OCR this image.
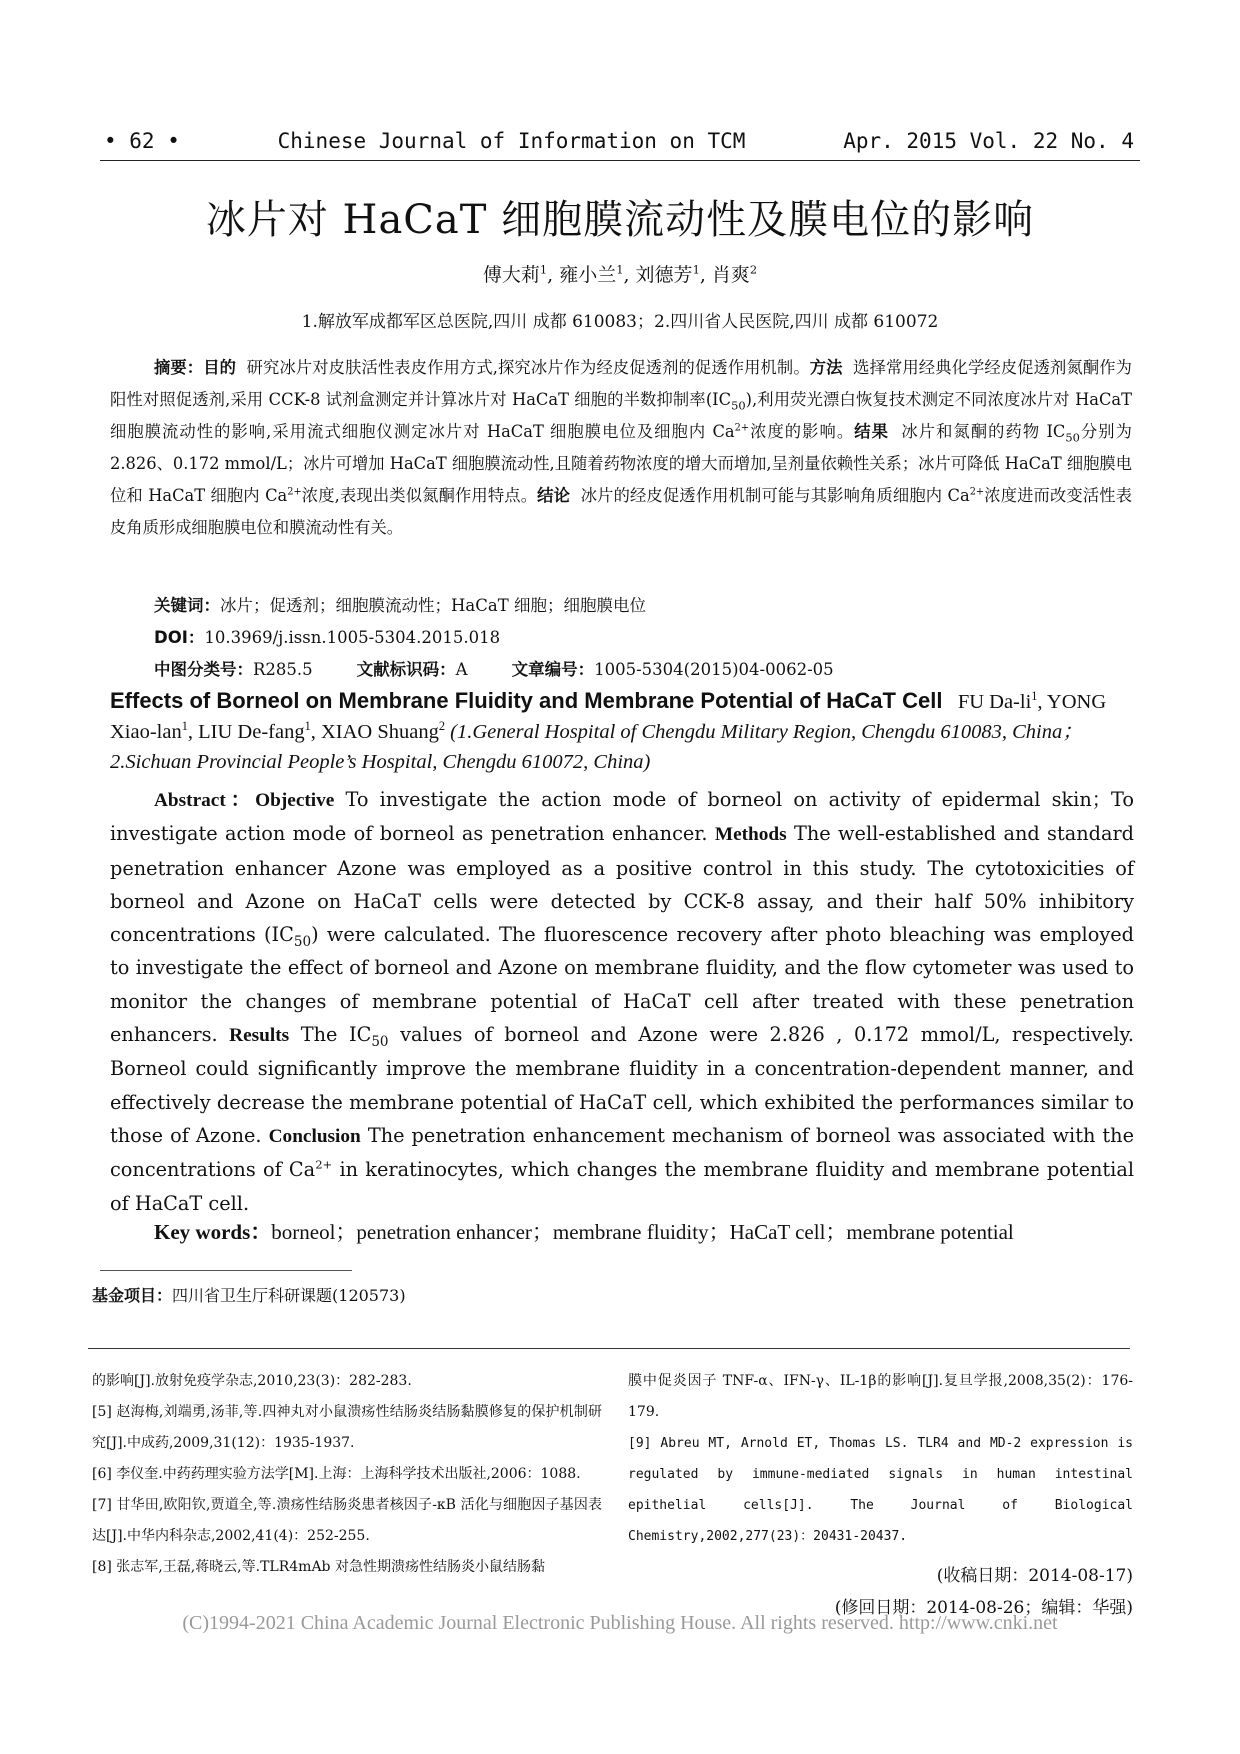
• 62 •	Chinese Journal of Information on TCM	Apr. 2015 Vol. 22 No. 4
冰片对 HaCaT 细胞膜流动性及膜电位的影响
傅大莉$^1$, 雍小兰$^1$, 刘德芳$^1$, 肖爽$^2$
1.解放军成都军区总医院,四川 成都 610083；2.四川省人民医院,四川 成都 610072
摘要：目的 研究冰片对皮肤活性表皮作用方式,探究冰片作为经皮促透剂的促透作用机制。方法 选择常用经典化学经皮促透剂氮酮作为阳性对照促透剂,采用 CCK-8 试剂盒测定并计算冰片对 HaCaT 细胞的半数抑制率$(IC_{50})$,利用荧光漂白恢复技术测定不同浓度冰片对 HaCaT 细胞膜流动性的影响,采用流式细胞仪测定冰片对 HaCaT 细胞膜电位及细胞内 $Ca^{2+}$浓度的影响。结果 冰片和氮酮的药物 $IC_{50}$分别为 2.826、0.172 mmol/L；冰片可增加 HaCaT 细胞膜流动性,且随着药物浓度的增大而增加,呈剂量依赖性关系；冰片可降低 HaCaT 细胞膜电位和 HaCaT 细胞内 $Ca^{2+}$浓度,表现出类似氮酮作用特点。结论 冰片的经皮促透作用机制可能与其影响角质细胞内 $Ca^{2+}$浓度进而改变活性表皮角质形成细胞膜电位和膜流动性有关。
关键词：冰片；促透剂；细胞膜流动性；HaCaT 细胞；细胞膜电位
DOI：10.3969/j.issn.1005-5304.2015.018
中图分类号：R285.5	文献标识码：A	文章编号：1005-5304(2015)04-0062-05
Effects of Borneol on Membrane Fluidity and Membrane Potential of HaCaT Cell FU $Da-li^1$, YONG Xiao-lan$^1$, LIU De-fang$^1$, XIAO Shuang$^2$ (1.General Hospital of Chengdu Military Region, Chengdu 610083, China；2.Sichuan Provincial People’s Hospital, Chengdu 610072, China)
Abstract：Objective To investigate the action mode of borneol on activity of epidermal skin；To investigate action mode of borneol as penetration enhancer. Methods The well-established and standard penetration enhancer Azone was employed as a positive control in this study. The cytotoxicities of borneol and Azone on HaCaT cells were detected by CCK-8 assay, and their half 50% inhibitory concentrations $(IC_{50})$ were calculated. The fluorescence recovery after photo bleaching was employed to investigate the effect of borneol and Azone on membrane fluidity, and the flow cytometer was used to monitor the changes of membrane potential of HaCaT cell after treated with these penetration enhancers. Results The $IC_{50}$ values of borneol and Azone were 2.826 , 0.172 mmol/L, respectively. Borneol could significantly improve the membrane fluidity in a concentration-dependent manner, and effectively decrease the membrane potential of HaCaT cell, which exhibited the performances similar to those of Azone. Conclusion The penetration enhancement mechanism of borneol was associated with the concentrations of $Ca^{2+}$ in keratinocytes, which changes the membrane fluidity and membrane potential of HaCaT cell.
Key words：borneol；penetration enhancer；membrane fluidity；HaCaT cell；membrane potential
基金项目：四川省卫生厅科研课题(120573)
的影响[J].放射免疫学杂志,2010,23(3)：282-283.
[5] 赵海梅,刘端勇,汤菲,等.四神丸对小鼠溃疡性结肠炎结肠黏膜修复的保护机制研究[J].中成药,2009,31(12)：1935-1937.
[6] 李仪奎.中药药理实验方法学[M].上海：上海科学技术出版社,2006：1088.
[7] 甘华田,欧阳钦,贾道全,等.溃疡性结肠炎患者核因子-κB 活化与细胞因子基因表达[J].中华内科杂志,2002,41(4)：252-255.
[8] 张志军,王磊,蒋晓云,等.TLR4mAb 对急性期溃疡性结肠炎小鼠结肠黏
膜中促炎因子 TNF-α、IFN-γ、IL-1β的影响[J].复旦学报,2008,35(2)：176-179.
[9] Abreu MT, Arnold ET, Thomas LS. TLR4 and MD-2 expression is regulated by immune-mediated signals in human intestinal epithelial cells[J]. The Journal of Biological Chemistry,2002,277(23)：20431-20437.
(收稿日期：2014-08-17)
(修回日期：2014-08-26；编辑：华强)
(C)1994-2021 China Academic Journal Electronic Publishing House. All rights reserved. http://www.cnki.net
